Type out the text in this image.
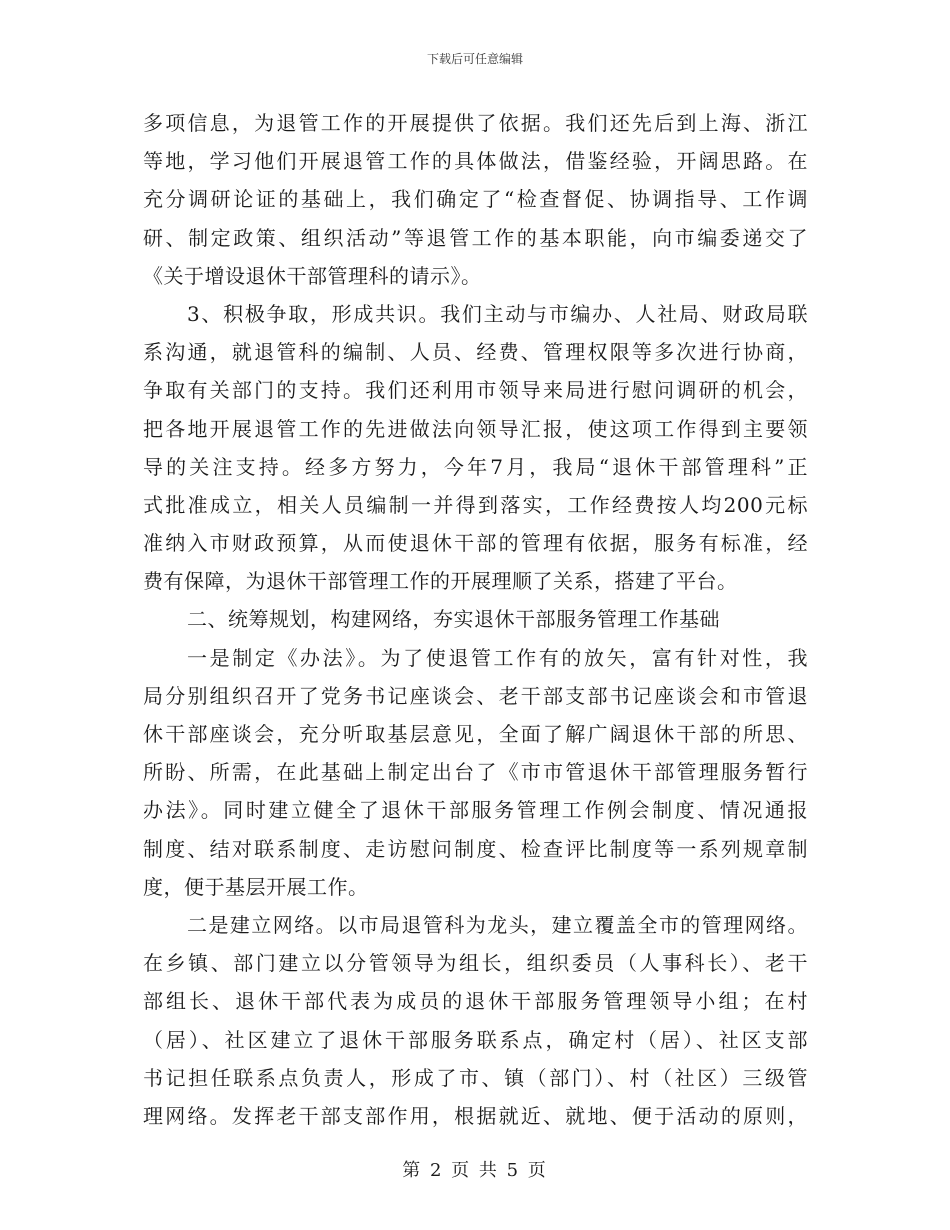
下载后可任意编辑
多项信息，为退管工作的开展提供了依据。我们还先后到上海、浙江
等地，学习他们开展退管工作的具体做法，借鉴经验，开阔思路。在
充分调研论证的基础上，我们确定了“检查督促、协调指导、工作调
研、制定政策、组织活动”等退管工作的基本职能，向市编委递交了
《关于增设退休干部管理科的请示》。
3、积极争取，形成共识。我们主动与市编办、人社局、财政局联
系沟通，就退管科的编制、人员、经费、管理权限等多次进行协商，
争取有关部门的支持。我们还利用市领导来局进行慰问调研的机会，
把各地开展退管工作的先进做法向领导汇报，使这项工作得到主要领
导的关注支持。经多方努力，今年7月，我局“退休干部管理科”正
式批准成立，相关人员编制一并得到落实，工作经费按人均200元标
准纳入市财政预算，从而使退休干部的管理有依据，服务有标准，经
费有保障，为退休干部管理工作的开展理顺了关系，搭建了平台。
二、统筹规划，构建网络，夯实退休干部服务管理工作基础
一是制定《办法》。为了使退管工作有的放矢，富有针对性，我
局分别组织召开了党务书记座谈会、老干部支部书记座谈会和市管退
休干部座谈会，充分听取基层意见，全面了解广阔退休干部的所思、
所盼、所需，在此基础上制定出台了《市市管退休干部管理服务暂行
办法》。同时建立健全了退休干部服务管理工作例会制度、情况通报
制度、结对联系制度、走访慰问制度、检查评比制度等一系列规章制
度，便于基层开展工作。
二是建立网络。以市局退管科为龙头，建立覆盖全市的管理网络。
在乡镇、部门建立以分管领导为组长，组织委员（人事科长）、老干
部组长、退休干部代表为成员的退休干部服务管理领导小组；在村
（居）、社区建立了退休干部服务联系点，确定村（居）、社区支部
书记担任联系点负责人，形成了市、镇（部门）、村（社区）三级管
理网络。发挥老干部支部作用，根据就近、就地、便于活动的原则，
第 2 页 共 5 页
